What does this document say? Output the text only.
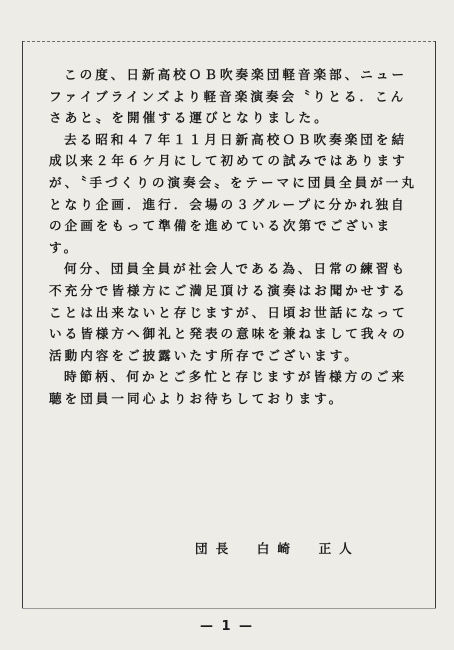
この度、日新高校ＯＢ吹奏楽団軽音楽部、ニューファイブラインズより軽音楽演奏会〝りとる．こんさあと〟を開催する運びとなりました。

去る昭和４７年１１月日新高校ＯＢ吹奏楽団を結成以来２年６ケ月にして初めての試みではありますが、〝手づくりの演奏会〟をテーマに団員全員が一丸となり企画．進行．会場の３グループに分かれ独自の企画をもって準備を進めている次第でございます。

何分、団員全員が社会人である為、日常の練習も不充分で皆様方にご満足頂ける演奏はお聞かせすることは出来ないと存じますが、日頃お世話になっている皆様方へ御礼と発表の意味を兼ねまして我々の活動内容をご披露いたす所存でございます。

時節柄、何かとご多忙と存じますが皆様方のご来聴を団員一同心よりお待ちしております。

団長　白崎　正人
— 1 —
